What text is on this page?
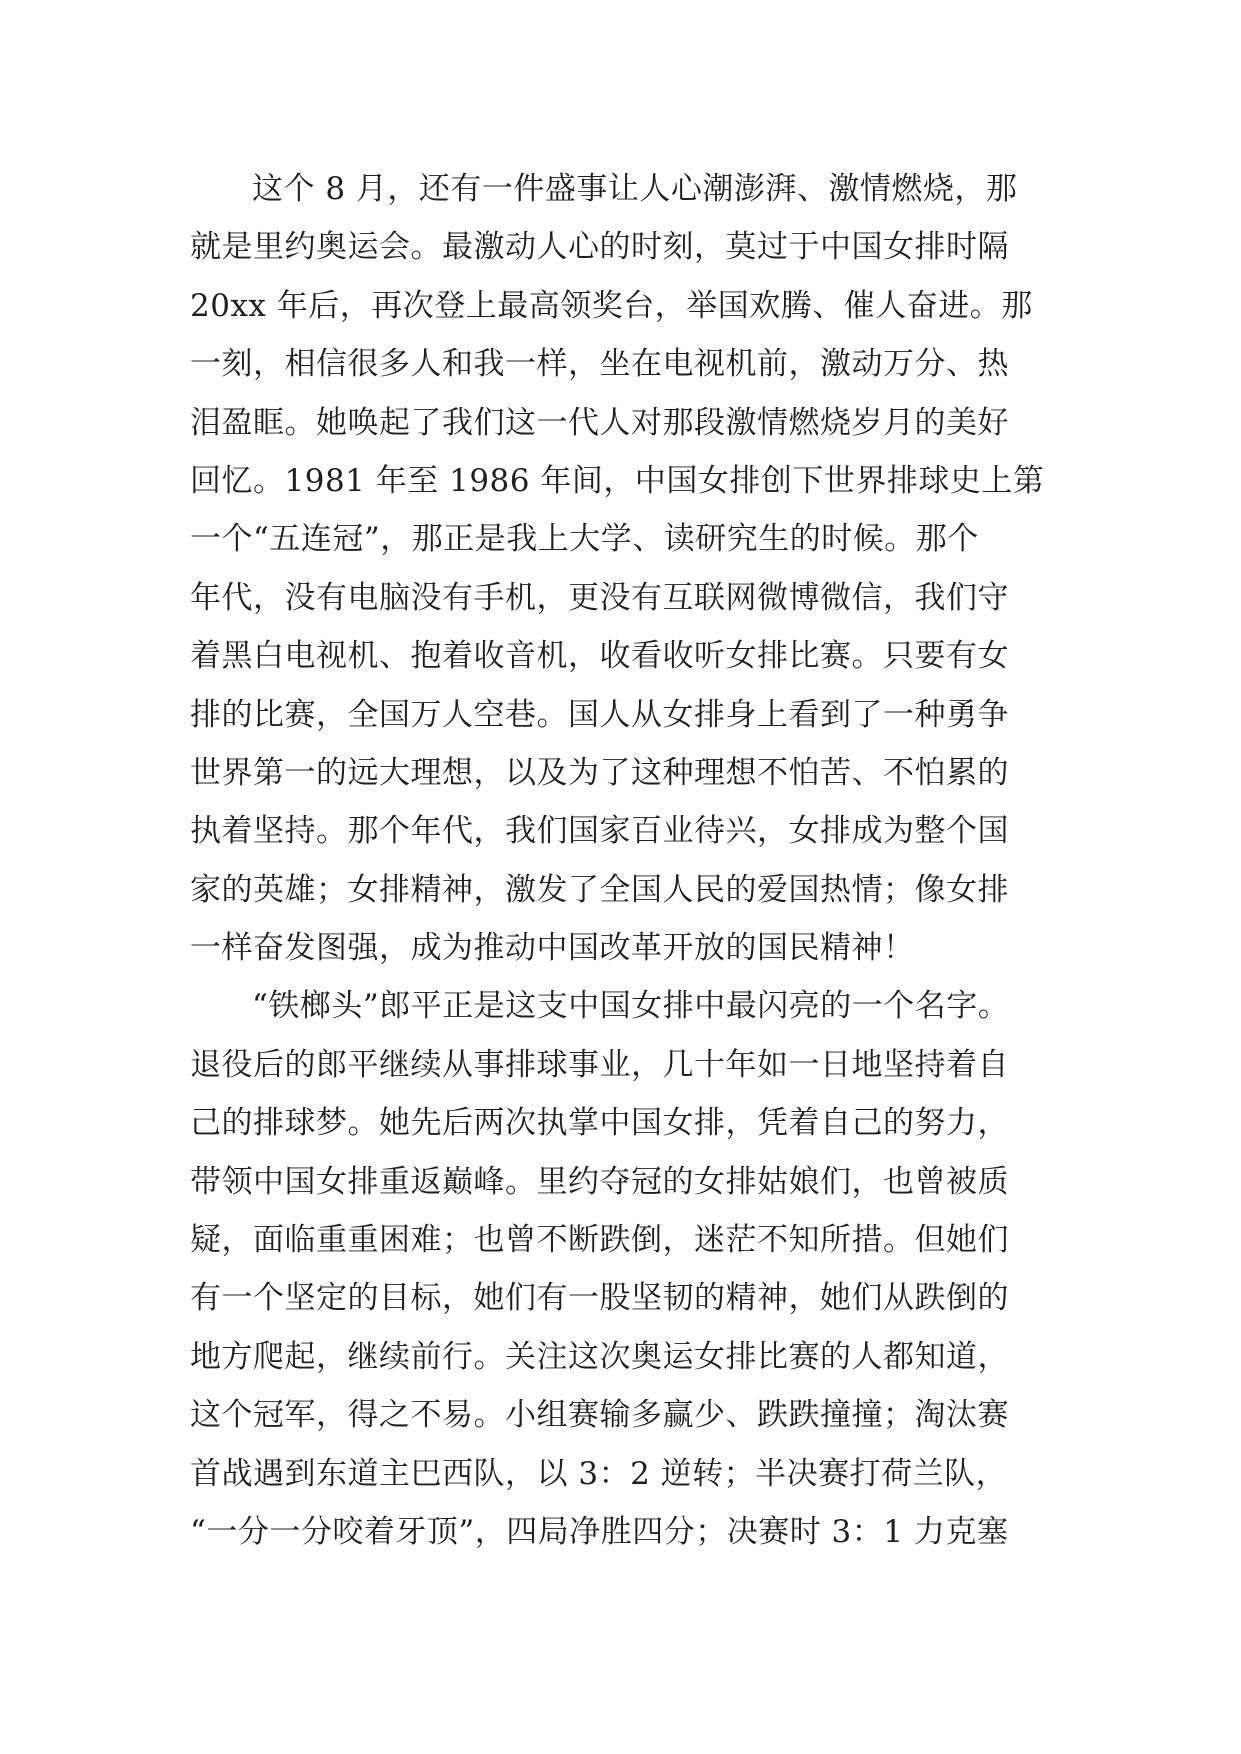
这个 8 月，还有一件盛事让人心潮澎湃、激情燃烧，那
就是里约奥运会。最激动人心的时刻，莫过于中国女排时隔
20xx 年后，再次登上最高领奖台，举国欢腾、催人奋进。那
一刻，相信很多人和我一样，坐在电视机前，激动万分、热
泪盈眶。她唤起了我们这一代人对那段激情燃烧岁月的美好
回忆。1981 年至 1986 年间，中国女排创下世界排球史上第
一个“五连冠”，那正是我上大学、读研究生的时候。那个
年代，没有电脑没有手机，更没有互联网微博微信，我们守
着黑白电视机、抱着收音机，收看收听女排比赛。只要有女
排的比赛，全国万人空巷。国人从女排身上看到了一种勇争
世界第一的远大理想，以及为了这种理想不怕苦、不怕累的
执着坚持。那个年代，我们国家百业待兴，女排成为整个国
家的英雄；女排精神，激发了全国人民的爱国热情；像女排
一样奋发图强，成为推动中国改革开放的国民精神！
“铁榔头”郎平正是这支中国女排中最闪亮的一个名字。
退役后的郎平继续从事排球事业，几十年如一日地坚持着自
己的排球梦。她先后两次执掌中国女排，凭着自己的努力，
带领中国女排重返巅峰。里约夺冠的女排姑娘们，也曾被质
疑，面临重重困难；也曾不断跌倒，迷茫不知所措。但她们
有一个坚定的目标，她们有一股坚韧的精神，她们从跌倒的
地方爬起，继续前行。关注这次奥运女排比赛的人都知道，
这个冠军，得之不易。小组赛输多赢少、跌跌撞撞；淘汰赛
首战遇到东道主巴西队，以 3：2 逆转；半决赛打荷兰队，
“一分一分咬着牙顶”，四局净胜四分；决赛时 3：1 力克塞
